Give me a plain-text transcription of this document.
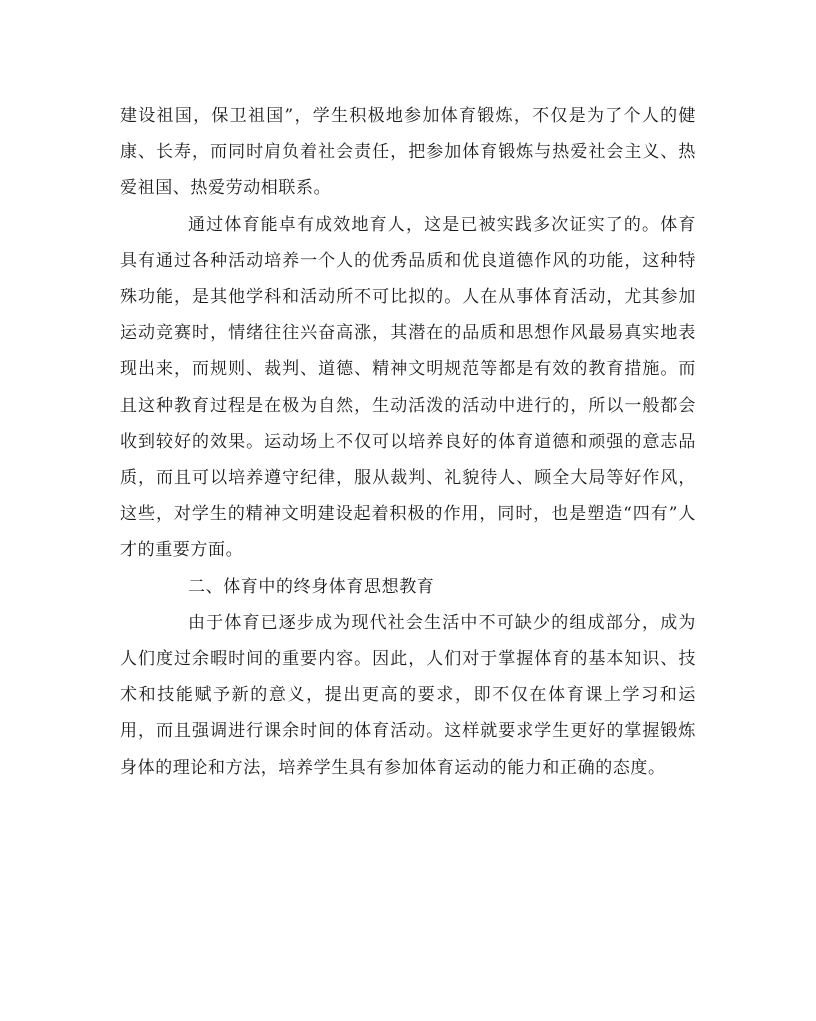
建设祖国，保卫祖国”，学生积极地参加体育锻炼，不仅是为了个人的健康、长寿，而同时肩负着社会责任，把参加体育锻炼与热爱社会主义、热爱祖国、热爱劳动相联系。

通过体育能卓有成效地育人，这是已被实践多次证实了的。体育具有通过各种活动培养一个人的优秀品质和优良道德作风的功能，这种特殊功能，是其他学科和活动所不可比拟的。人在从事体育活动，尤其参加运动竞赛时，情绪往往兴奋高涨，其潜在的品质和思想作风最易真实地表现出来，而规则、裁判、道德、精神文明规范等都是有效的教育措施。而且这种教育过程是在极为自然，生动活泼的活动中进行的，所以一般都会收到较好的效果。运动场上不仅可以培养良好的体育道德和顽强的意志品质，而且可以培养遵守纪律，服从裁判、礼貌待人、顾全大局等好作风，这些，对学生的精神文明建设起着积极的作用，同时，也是塑造“四有”人才的重要方面。

二、体育中的终身体育思想教育

由于体育已逐步成为现代社会生活中不可缺少的组成部分，成为人们度过余暇时间的重要内容。因此，人们对于掌握体育的基本知识、技术和技能赋予新的意义，提出更高的要求，即不仅在体育课上学习和运用，而且强调进行课余时间的体育活动。这样就要求学生更好的掌握锻炼身体的理论和方法，培养学生具有参加体育运动的能力和正确的态度。
